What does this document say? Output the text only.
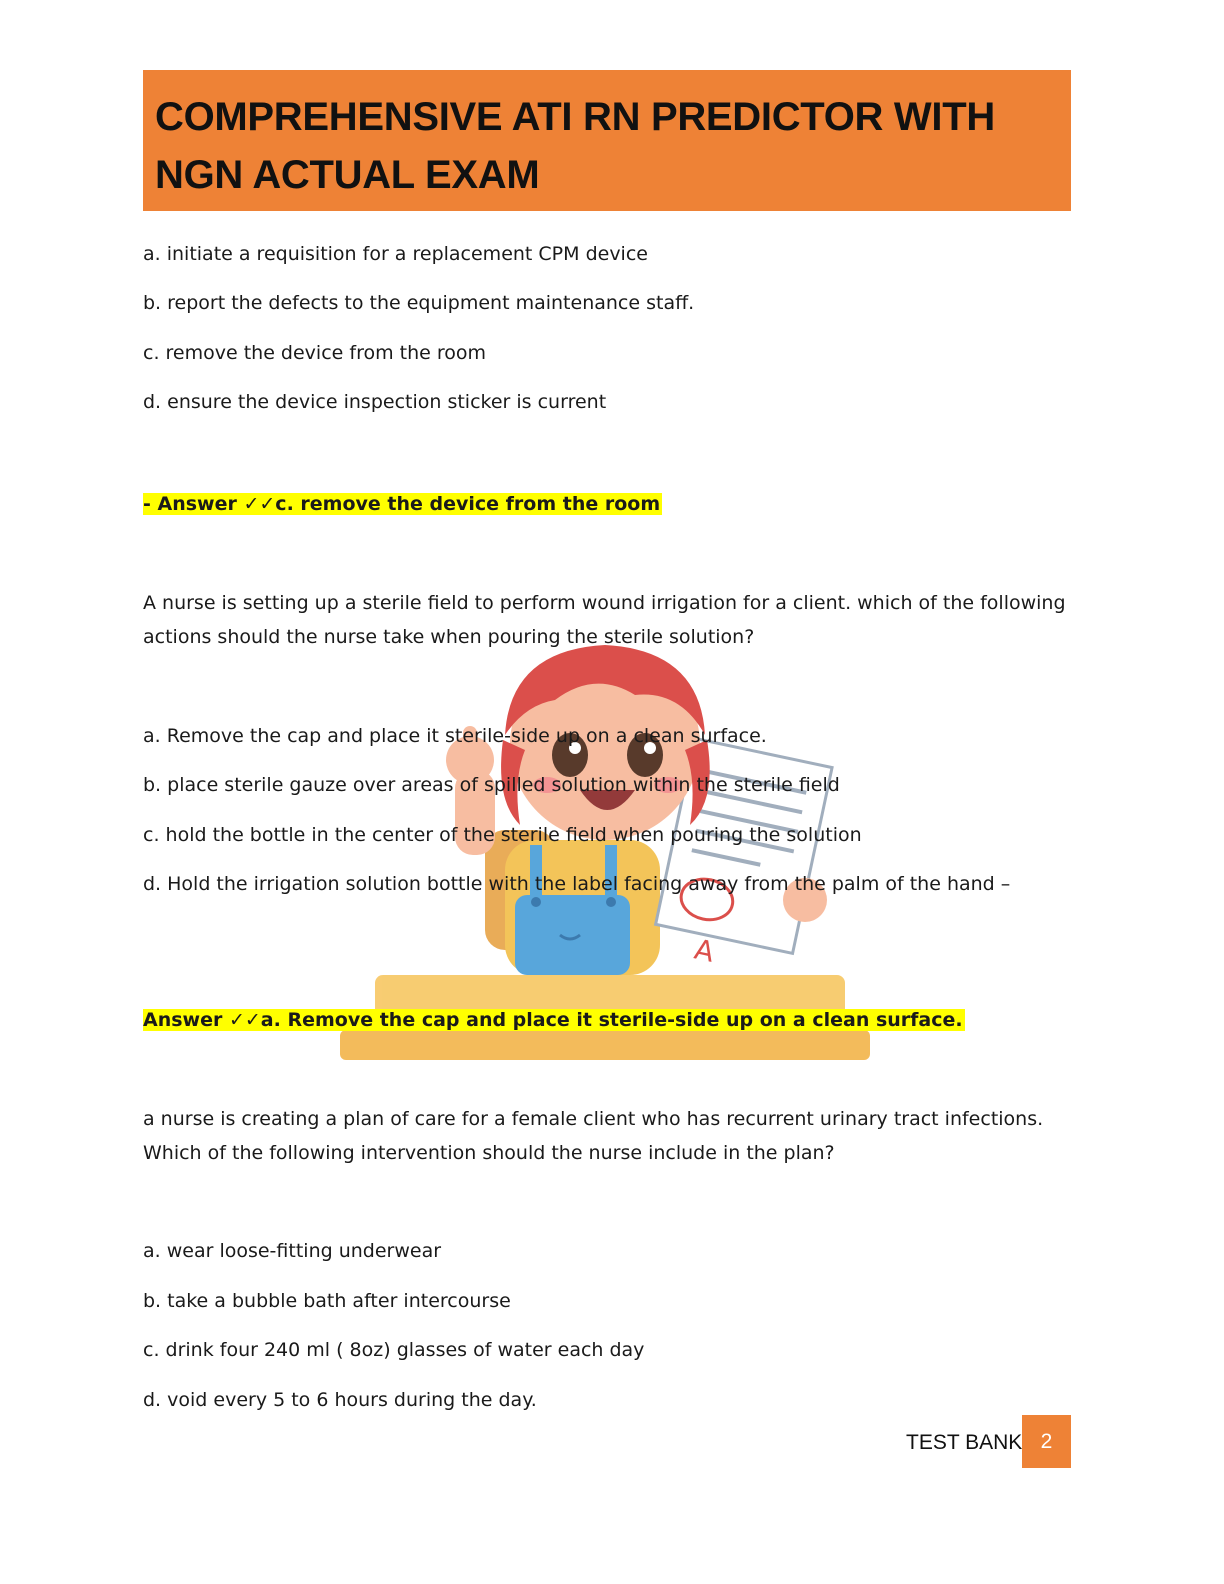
COMPREHENSIVE ATI RN PREDICTOR WITH NGN ACTUAL EXAM
A

a. initiate a requisition for a replacement CPM device

b. report the defects to the equipment maintenance staff.

c. remove the device from the room

d. ensure the device inspection sticker is current

- Answer ✓✓c. remove the device from the room

A nurse is setting up a sterile field to perform wound irrigation for a client. which of the following actions should the nurse take when pouring the sterile solution?

a. Remove the cap and place it sterile-side up on a clean surface.

b. place sterile gauze over areas of spilled solution within the sterile field

c. hold the bottle in the center of the sterile field when pouring the solution

d. Hold the irrigation solution bottle with the label facing away from the palm of the hand –

Answer ✓✓a. Remove the cap and place it sterile-side up on a clean surface.

a nurse is creating a plan of care for a female client who has recurrent urinary tract infections. Which of the following intervention should the nurse include in the plan?

a. wear loose-fitting underwear

b. take a bubble bath after intercourse

c. drink four 240 ml ( 8oz) glasses of water each day

d. void every 5 to 6 hours during the day.

TEST BANK 2
